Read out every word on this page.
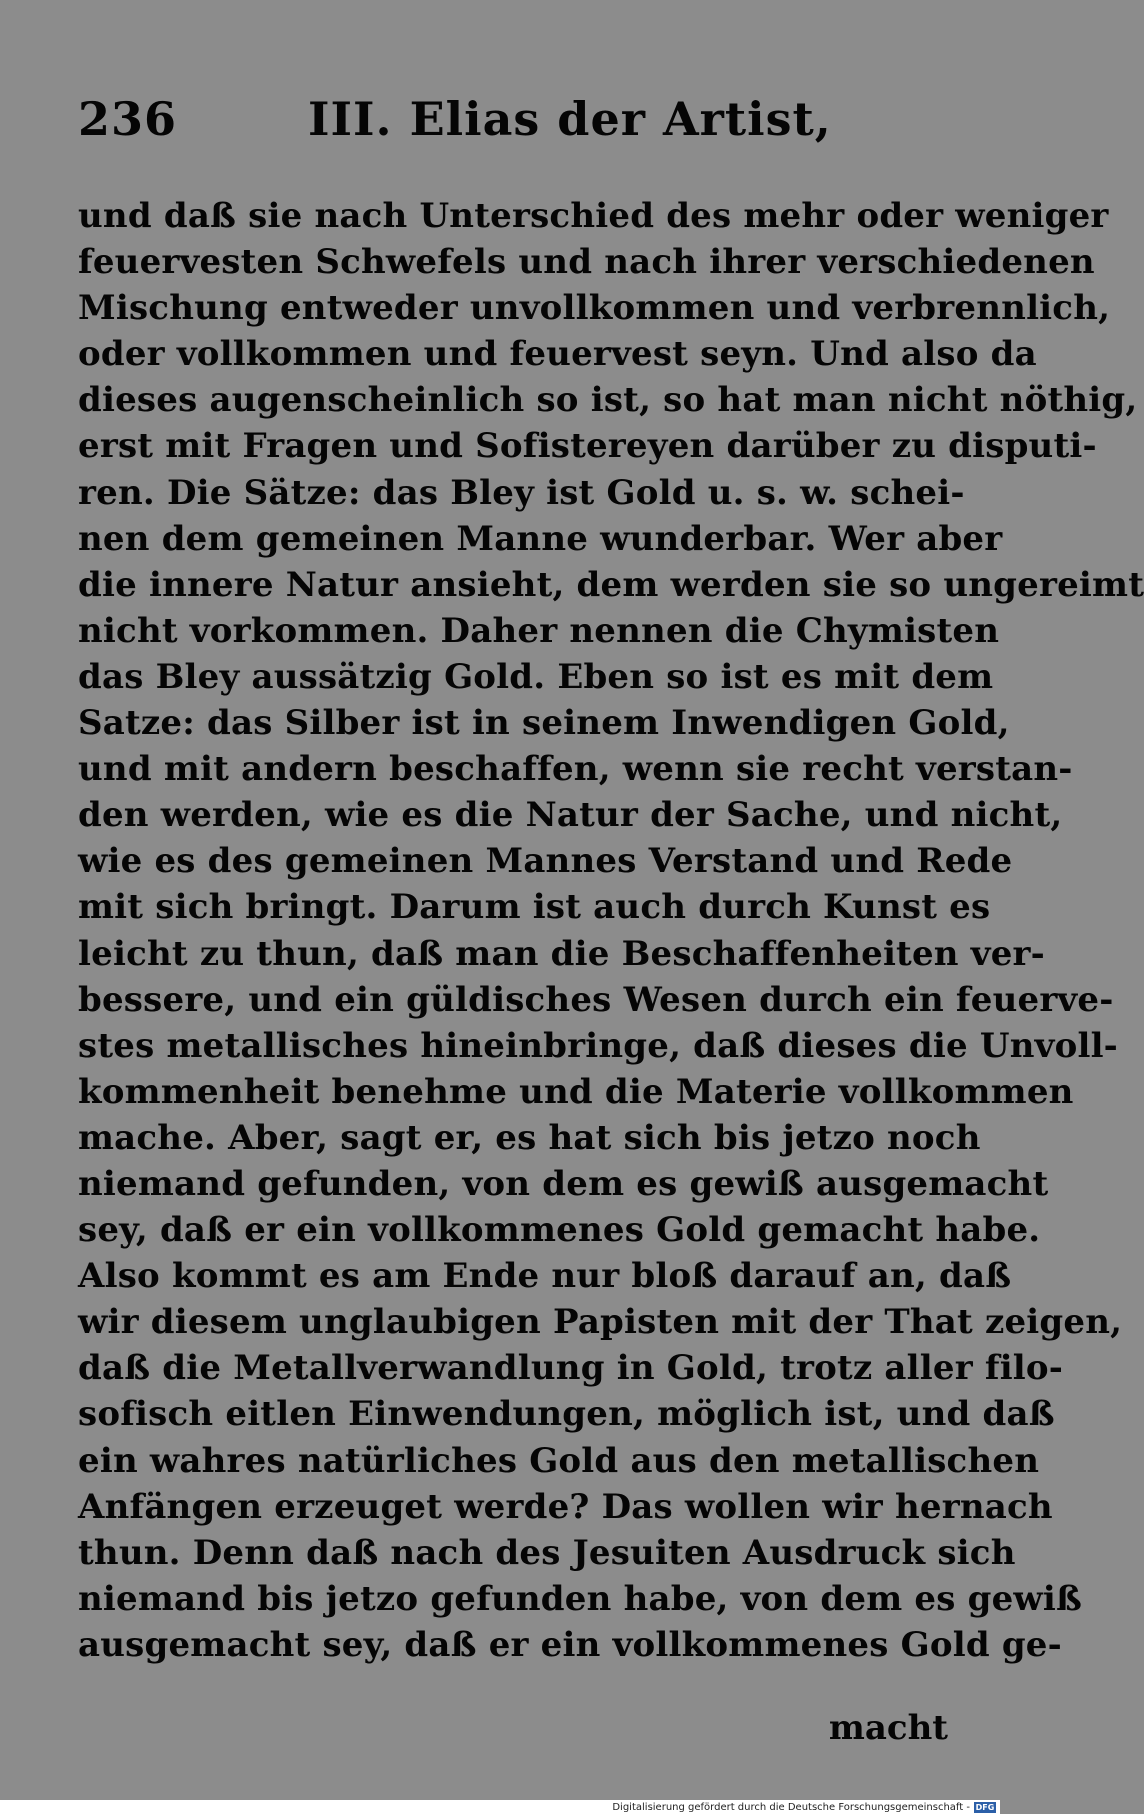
236	III. Elias der Artist,
und daß sie nach Unterschied des mehr oder weniger
feuervesten Schwefels und nach ihrer verschiedenen
Mischung entweder unvollkommen und verbrennlich,
oder vollkommen und feuervest seyn. Und also da
dieses augenscheinlich so ist, so hat man nicht nöthig,
erst mit Fragen und Sofistereyen darüber zu disputi-
ren. Die Sätze: das Bley ist Gold u. s. w. schei-
nen dem gemeinen Manne wunderbar. Wer aber
die innere Natur ansieht, dem werden sie so ungereimt
nicht vorkommen. Daher nennen die Chymisten
das Bley aussätzig Gold. Eben so ist es mit dem
Satze: das Silber ist in seinem Inwendigen Gold,
und mit andern beschaffen, wenn sie recht verstan-
den werden, wie es die Natur der Sache, und nicht,
wie es des gemeinen Mannes Verstand und Rede
mit sich bringt. Darum ist auch durch Kunst es
leicht zu thun, daß man die Beschaffenheiten ver-
bessere, und ein güldisches Wesen durch ein feuerve-
stes metallisches hineinbringe, daß dieses die Unvoll-
kommenheit benehme und die Materie vollkommen
mache. Aber, sagt er, es hat sich bis jetzo noch
niemand gefunden, von dem es gewiß ausgemacht
sey, daß er ein vollkommenes Gold gemacht habe.
Also kommt es am Ende nur bloß darauf an, daß
wir diesem unglaubigen Papisten mit der That zeigen,
daß die Metallverwandlung in Gold, trotz aller filo-
sofisch eitlen Einwendungen, möglich ist, und daß
ein wahres natürliches Gold aus den metallischen
Anfängen erzeuget werde? Das wollen wir hernach
thun. Denn daß nach des Jesuiten Ausdruck sich
niemand bis jetzo gefunden habe, von dem es gewiß
ausgemacht sey, daß er ein vollkommenes Gold ge-
macht
Digitalisierung gefördert durch die Deutsche Forschungsgemeinschaft - DFG
